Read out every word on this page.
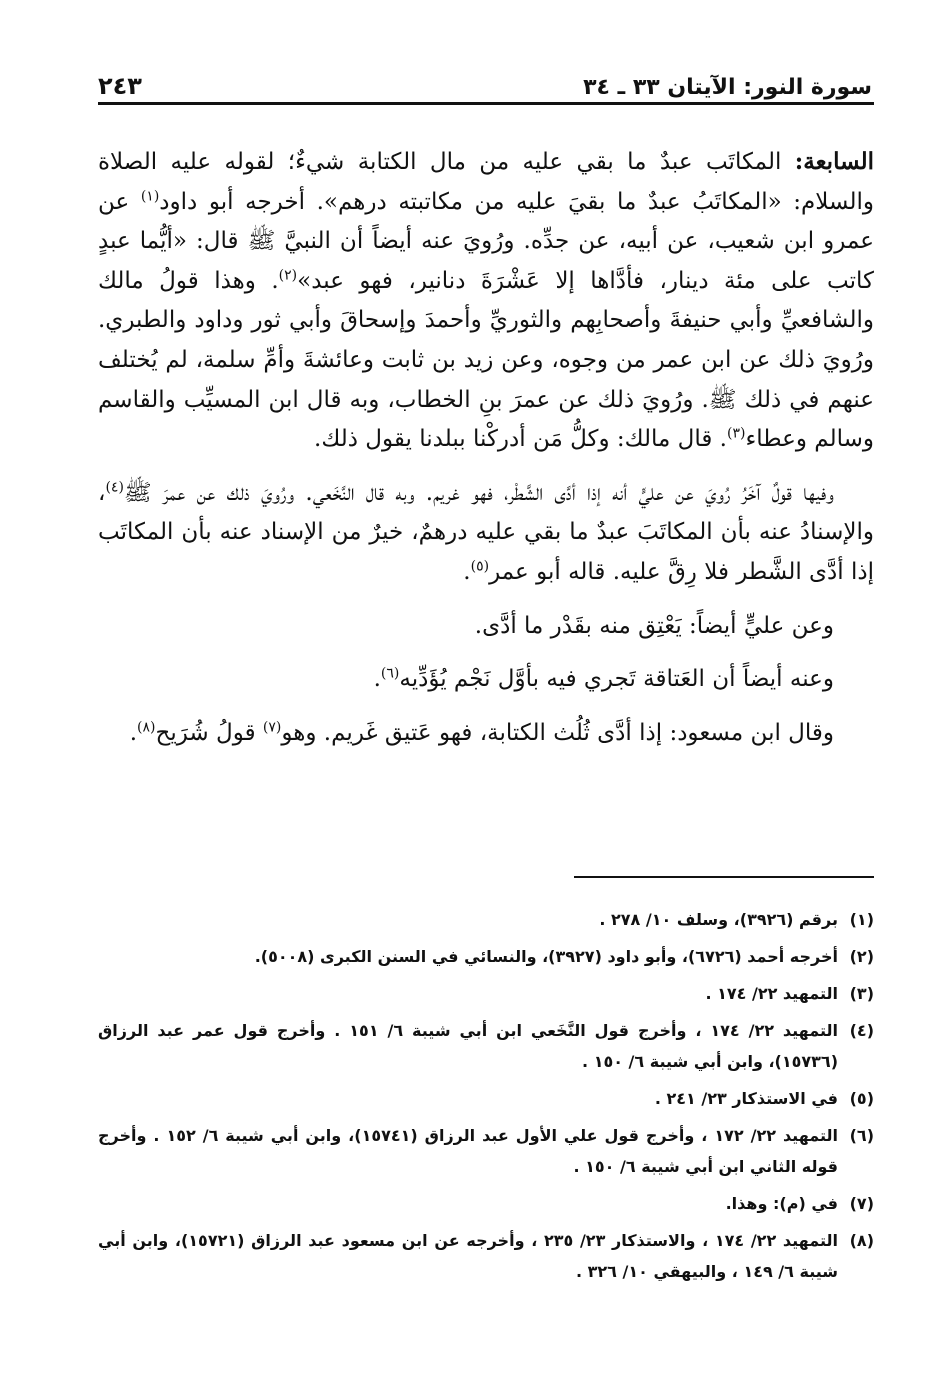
سورة النور: الآيتان ٣٣ ـ ٣٤
٢٤٣

السابعة: المكاتَب عبدٌ ما بقي عليه من مال الكتابة شيءٌ؛ لقوله عليه الصلاة والسلام: «المكاتَبُ عبدٌ ما بقيَ عليه من مكاتبته درهم». أخرجه أبو داود$^{(١)}$ عن عمرو ابن شعيب، عن أبيه، عن جدِّه. ورُويَ عنه أيضاً أن النبيَّ ﷺ قال: «أيُّما عبدٍ كاتب على مئة دينار، فأدَّاها إلا عَشْرَةَ دنانير، فهو عبد»$^{(٢)}$. وهذا قولُ مالك والشافعيِّ وأبي حنيفةَ وأصحابِهم والثوريِّ وأحمدَ وإسحاقَ وأبي ثور وداود والطبري. ورُويَ ذلك عن ابن عمر من وجوه، وعن زيد بن ثابت وعائشةَ وأمِّ سلمة، لم يُختلف عنهم في ذلك ﷺ. ورُويَ ذلك عن عمرَ بنِ الخطاب، وبه قال ابن المسيِّب والقاسم وسالم وعطاء$^{(٣)}$. قال مالك: وكلُّ مَن أدركْنا ببلدنا يقول ذلك.

وفيها قولٌ آخَرُ رُويَ عن عليٍّ أنه إذا أدَّى الشَّطْر، فهو غريم. وبه قال النَّخَعي. ورُويَ ذلك عن عمرَ ﷺ$^{(٤)}$، والإسنادُ عنه بأن المكاتَبَ عبدٌ ما بقي عليه درهمٌ، خيرٌ من الإسناد عنه بأن المكاتَب إذا أدَّى الشَّطر فلا رِقَّ عليه. قاله أبو عمر$^{(٥)}$.

وعن عليٍّ أيضاً: يَعْتِق منه بقَدْر ما أدَّى.

وعنه أيضاً أن العَتاقة تَجري فيه بأوَّل نَجْم يُؤَدِّيه$^{(٦)}$.

وقال ابن مسعود: إذا أدَّى ثُلُث الكتابة، فهو عَتيق غَريم. وهو$^{(٧)}$ قولُ شُرَيح$^{(٨)}$.

(١)
برقم (٣٩٢٦)، وسلف ١٠/ ٢٧٨ .
(٢)
أخرجه أحمد (٦٧٢٦)، وأبو داود (٣٩٢٧)، والنسائي في السنن الكبرى (٥٠٠٨).
(٣)
التمهيد ٢٢/ ١٧٤ .
(٤)
التمهيد ٢٢/ ١٧٤ ، وأخرج قول النَّخَعي ابن أبي شيبة ٦/ ١٥١ . وأخرج قول عمر عبد الرزاق (١٥٧٣٦)، وابن أبي شيبة ٦/ ١٥٠ .
(٥)
في الاستذكار ٢٣/ ٢٤١ .
(٦)
التمهيد ٢٢/ ١٧٢ ، وأخرج قول علي الأول عبد الرزاق (١٥٧٤١)، وابن أبي شيبة ٦/ ١٥٢ . وأخرج قوله الثاني ابن أبي شيبة ٦/ ١٥٠ .
(٧)
في (م): وهذا.
(٨)
التمهيد ٢٢/ ١٧٤ ، والاستذكار ٢٣/ ٢٣٥ ، وأخرجه عن ابن مسعود عبد الرزاق (١٥٧٢١)، وابن أبي شيبة ٦/ ١٤٩ ، والبيهقي ١٠/ ٣٢٦ .
